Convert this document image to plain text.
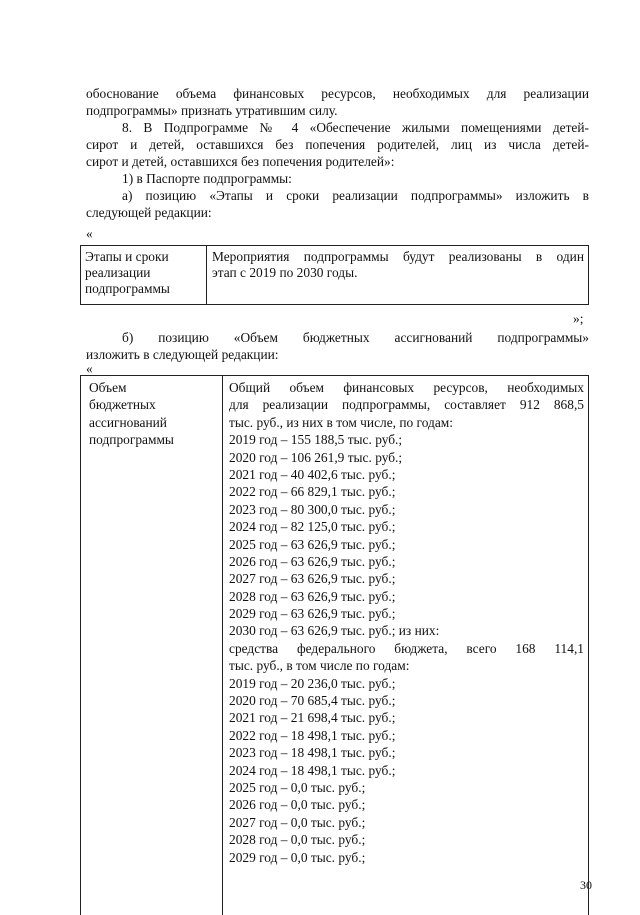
обоснование объема финансовых ресурсов, необходимых для реализации
подпрограммы» признать утратившим силу.
8. В Подпрограмме № 4 «Обеспечение жилыми помещениями детей-
сирот и детей, оставшихся без попечения родителей, лиц из числа детей-
сирот и детей, оставшихся без попечения родителей»:
1) в Паспорте подпрограммы:
а) позицию «Этапы и сроки реализации подпрограммы» изложить в
следующей редакции:
«
Этапы и сроки
реализации
подпрограммы
Мероприятия подпрограммы будут реализованы в один
этап с 2019 по 2030 годы.
»;
б) позицию «Объем бюджетных ассигнований подпрограммы»
изложить в следующей редакции:
«
Объем
бюджетных
ассигнований
подпрограммы
Общий объем финансовых ресурсов, необходимых
для реализации подпрограммы, составляет 912 868,5
тыс. руб., из них в том числе, по годам:
2019 год – 155 188,5 тыс. руб.;
2020 год – 106 261,9 тыс. руб.;
2021 год – 40 402,6 тыс. руб.;
2022 год – 66 829,1 тыс. руб.;
2023 год – 80 300,0 тыс. руб.;
2024 год – 82 125,0 тыс. руб.;
2025 год – 63 626,9 тыс. руб.;
2026 год – 63 626,9 тыс. руб.;
2027 год – 63 626,9 тыс. руб.;
2028 год – 63 626,9 тыс. руб.;
2029 год – 63 626,9 тыс. руб.;
2030 год – 63 626,9 тыс. руб.; из них:
средства федерального бюджета, всего 168 114,1
тыс. руб., в том числе по годам:
2019 год – 20 236,0 тыс. руб.;
2020 год – 70 685,4 тыс. руб.;
2021 год – 21 698,4 тыс. руб.;
2022 год – 18 498,1 тыс. руб.;
2023 год – 18 498,1 тыс. руб.;
2024 год – 18 498,1 тыс. руб.;
2025 год – 0,0 тыс. руб.;
2026 год – 0,0 тыс. руб.;
2027 год – 0,0 тыс. руб.;
2028 год – 0,0 тыс. руб.;
2029 год – 0,0 тыс. руб.;
30
